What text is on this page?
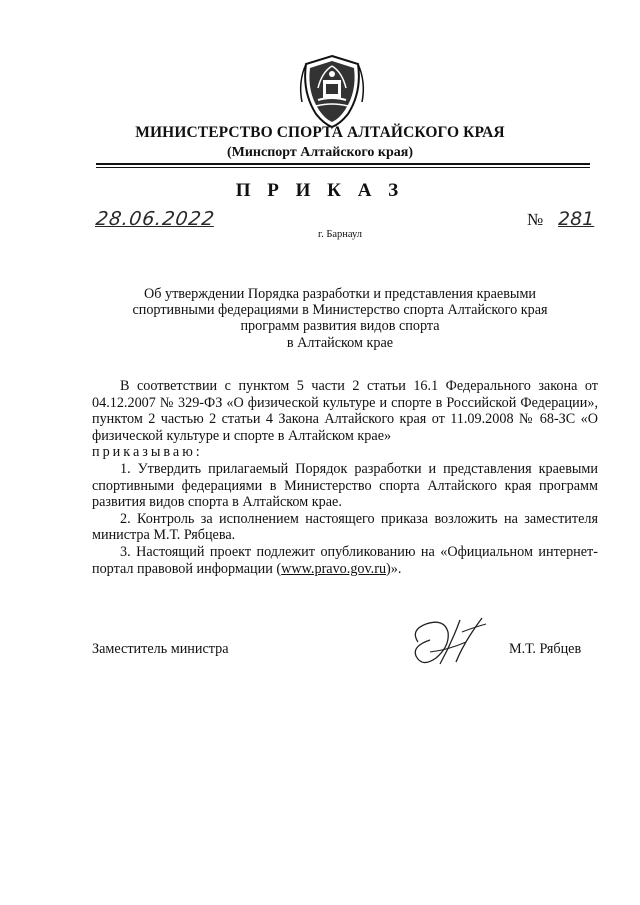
МИНИСТЕРСТВО СПОРТА АЛТАЙСКОГО КРАЯ
(Минспорт Алтайского края)
П Р И К А З
28.06.2022	№ 281
г. Барнаул
Об утверждении Порядка разработки и представления краевыми
спортивными федерациями в Министерство спорта Алтайского края
программ развития видов спорта
в Алтайском крае

В соответствии с пунктом 5 части 2 статьи 16.1 Федерального закона от 04.12.2007 № 329-ФЗ «О физической культуре и спорте в Российской Федерации», пунктом 2 частью 2 статьи 4 Закона Алтайского края от 11.09.2008 № 68-ЗС «О физической культуре и спорте в Алтайском крае»

приказываю:

1. Утвердить прилагаемый Порядок разработки и представления краевыми спортивными федерациями в Министерство спорта Алтайского края программ развития видов спорта в Алтайском крае.

2. Контроль за исполнением настоящего приказа возложить на заместителя министра М.Т. Рябцева.

3. Настоящий проект подлежит опубликованию на «Официальном интернет-портал правовой информации (www.pravo.gov.ru)».

Заместитель министра	М.Т. Рябцев
